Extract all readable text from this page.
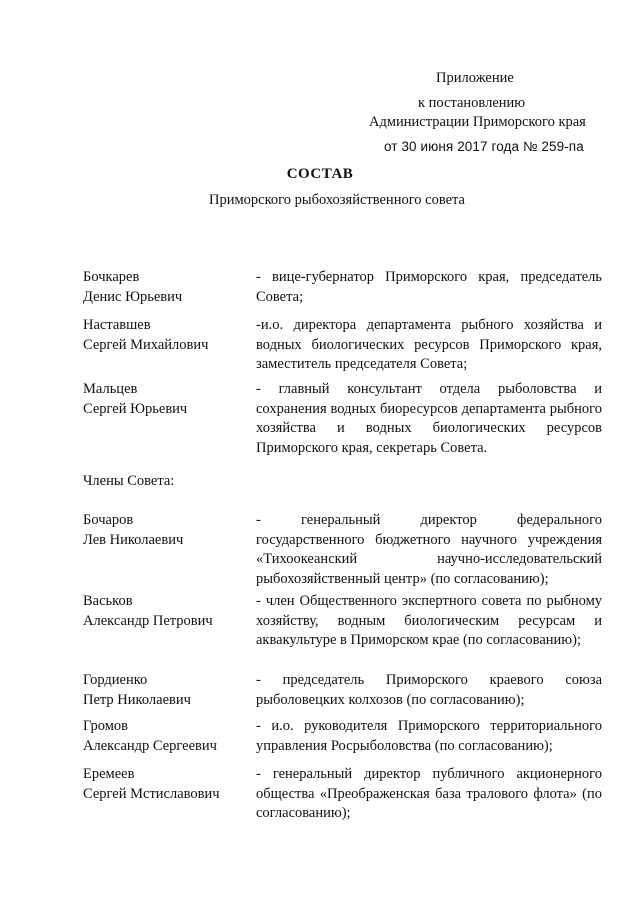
Приложение
к постановлению
Администрации Приморского края
от 30 июня 2017 года № 259-па
СОСТАВ
Приморского рыбохозяйственного совета
Бочкарев
Денис Юрьевич
- вице-губернатор Приморского края, председатель Совета;
Наставшев
Сергей Михайлович
-и.о. директора департамента рыбного хозяйства и водных биологических ресурсов Приморского края, заместитель председателя Совета;
Мальцев
Сергей Юрьевич
- главный консультант отдела рыболовства и сохранения водных биоресурсов департамента рыбного хозяйства и водных биологических ресурсов Приморского края, секретарь Совета.
Члены Совета:
Бочаров
Лев Николаевич
- генеральный директор федерального государственного бюджетного научного учреждения «Тихоокеанский научно-исследовательский рыбохозяйственный центр» (по согласованию);
Васьков
Александр Петрович
- член Общественного экспертного совета по рыбному хозяйству, водным биологическим ресурсам и аквакультуре в Приморском крае (по согласованию);
Гордиенко
Петр Николаевич
- председатель Приморского краевого союза рыболовецких колхозов (по согласованию);
Громов
Александр Сергеевич
- и.о. руководителя Приморского территориального управления Росрыболовства (по согласованию);
Еремеев
Сергей Мстиславович
- генеральный директор публичного акционерного общества «Преображенская база тралового флота» (по согласованию);
